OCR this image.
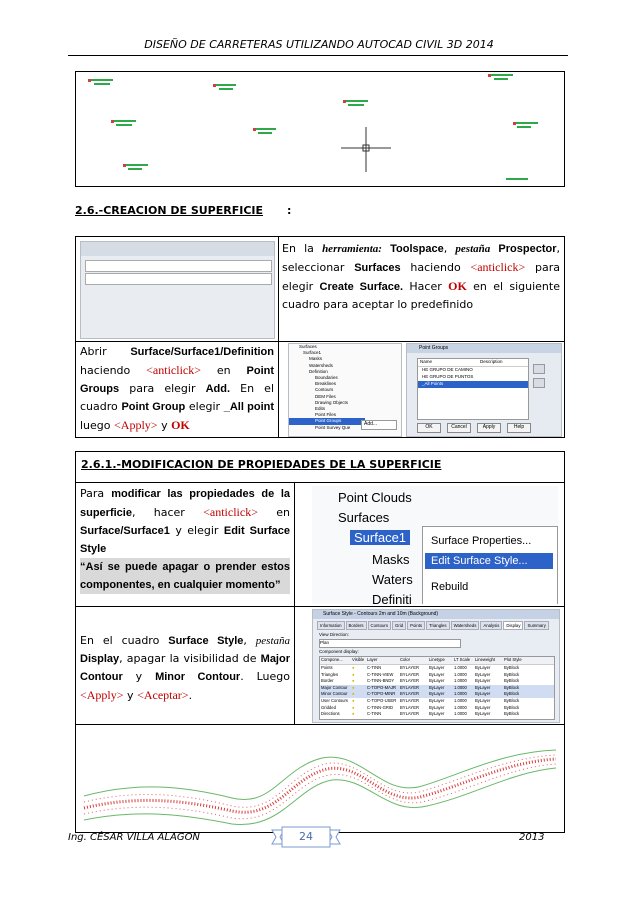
DISEÑO DE CARRETERAS UTILIZANDO AUTOCAD CIVIL 3D 2014
2.6.-CREACION DE SUPERFICIE :
En la herramienta: Toolspace, pestaña Prospector, seleccionar Surfaces haciendo <anticlick> para elegir Create Surface. Hacer OK en el siguiente cuadro para aceptar lo predefinido
Abrir Surface/Surface1/Definition haciendo <anticlick> en Point Groups para elegir Add. En el cuadro Point Group elegir _All point luego <Apply> y OK
Surfaces
Surface1
Masks
Watersheds
Definition
Boundaries
Breaklines
Contours
DEM Files
Drawing Objects
Edits
Point Files
Point Groups
Point Survey Que
Add...
Point Groups
Name	Description
HE GRUPO DE CAMINO
HE GRUPO DE PUNTOS
_All Points
OK	Cancel	Apply	Help
2.6.1.-MODIFICACION DE PROPIEDADES DE LA SUPERFICIE
Para modificar las propiedades de la superficie, hacer <anticlick> en Surface/Surface1 y elegir Edit Surface Style
“Así se puede apagar o prender estos componentes, en cualquier momento”
Point Clouds
Surfaces
Surface1
Masks
Waters
Definiti
Surface Properties...
Edit Surface Style...
Rebuild
En el cuadro Surface Style, pestaña Display, apagar la visibilidad de Major Contour y Minor Contour. Luego <Apply> y <Aceptar>.
Surface Style - Contours 2m and 10m (Background)
Information	Borders	Contours	Grid	Points	Triangles	Watersheds	Analysis	Display	Summary
View Direction:
Plan
Component display:
Compone...	Visible Layer	Color	Linetype	LT Scale	Lineweight	Plot Style
Points	●	C-TINN	BYLAYER	ByLayer	1.0000	ByLayer	ByBlock
Triangles	●	C-TINN-VIEW	BYLAYER	ByLayer	1.0000	ByLayer	ByBlock
Border	●	C-TINN-BNDY	BYLAYER	ByLayer	1.0000	ByLayer	ByBlock
Major Contour	●	C-TOPO-MAJR BYLAYER	ByLayer	1.0000	ByLayer	ByBlock
Minor Contour	●	C-TOPO-MINR	BYLAYER	ByLayer	1.0000	ByLayer	ByBlock
User Contours ●	C-TOPO-USER BYLAYER	ByLayer	1.0000	ByLayer	ByBlock
Gridded	●	C-TINN-GRID	BYLAYER	ByLayer	1.0000	ByLayer	ByBlock
Directions	●	C-TINN	BYLAYER	ByLayer	1.0000	ByLayer	ByBlock
Ing. CÉSAR VILLA ALAGON	24	2013
